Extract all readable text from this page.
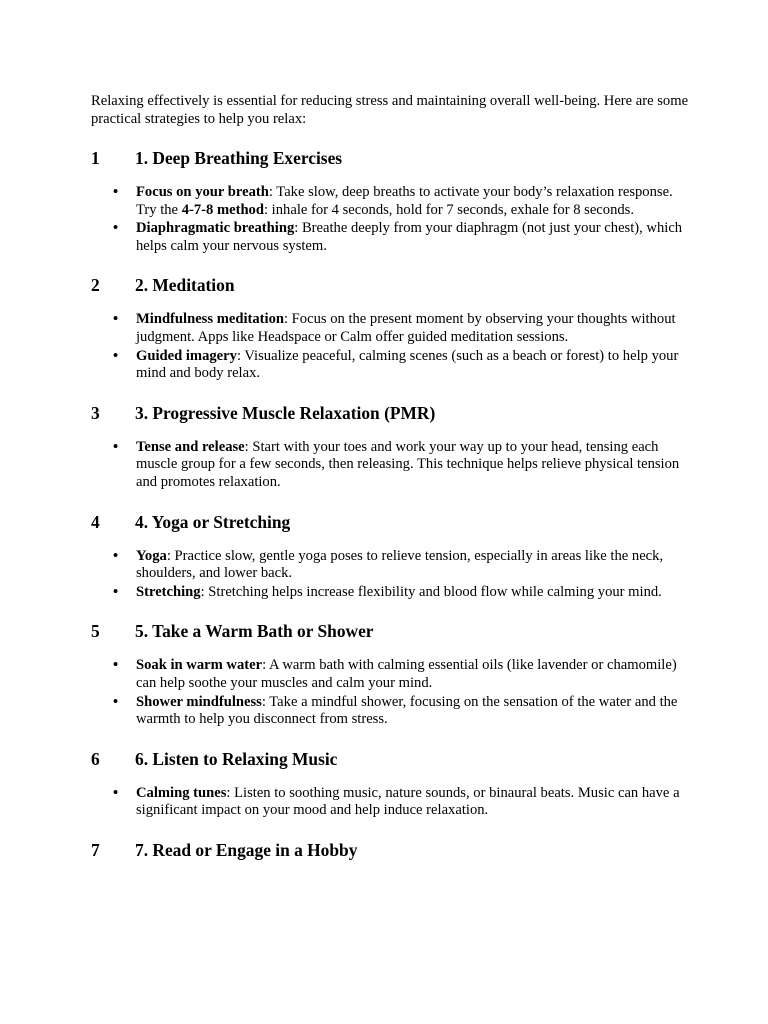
Relaxing effectively is essential for reducing stress and maintaining overall well-being. Here are some practical strategies to help you relax:

1 1. Deep Breathing Exercises
• Focus on your breath: Take slow, deep breaths to activate your body’s relaxation response. Try the 4-7-8 method: inhale for 4 seconds, hold for 7 seconds, exhale for 8 seconds.
• Diaphragmatic breathing: Breathe deeply from your diaphragm (not just your chest), which helps calm your nervous system.
2 2. Meditation
• Mindfulness meditation: Focus on the present moment by observing your thoughts without judgment. Apps like Headspace or Calm offer guided meditation sessions.
• Guided imagery: Visualize peaceful, calming scenes (such as a beach or forest) to help your mind and body relax.
3 3. Progressive Muscle Relaxation (PMR)
• Tense and release: Start with your toes and work your way up to your head, tensing each muscle group for a few seconds, then releasing. This technique helps relieve physical tension and promotes relaxation.
4 4. Yoga or Stretching
• Yoga: Practice slow, gentle yoga poses to relieve tension, especially in areas like the neck, shoulders, and lower back.
• Stretching: Stretching helps increase flexibility and blood flow while calming your mind.
5 5. Take a Warm Bath or Shower
• Soak in warm water: A warm bath with calming essential oils (like lavender or chamomile) can help soothe your muscles and calm your mind.
• Shower mindfulness: Take a mindful shower, focusing on the sensation of the water and the warmth to help you disconnect from stress.
6 6. Listen to Relaxing Music
• Calming tunes: Listen to soothing music, nature sounds, or binaural beats. Music can have a significant impact on your mood and help induce relaxation.
7 7. Read or Engage in a Hobby
